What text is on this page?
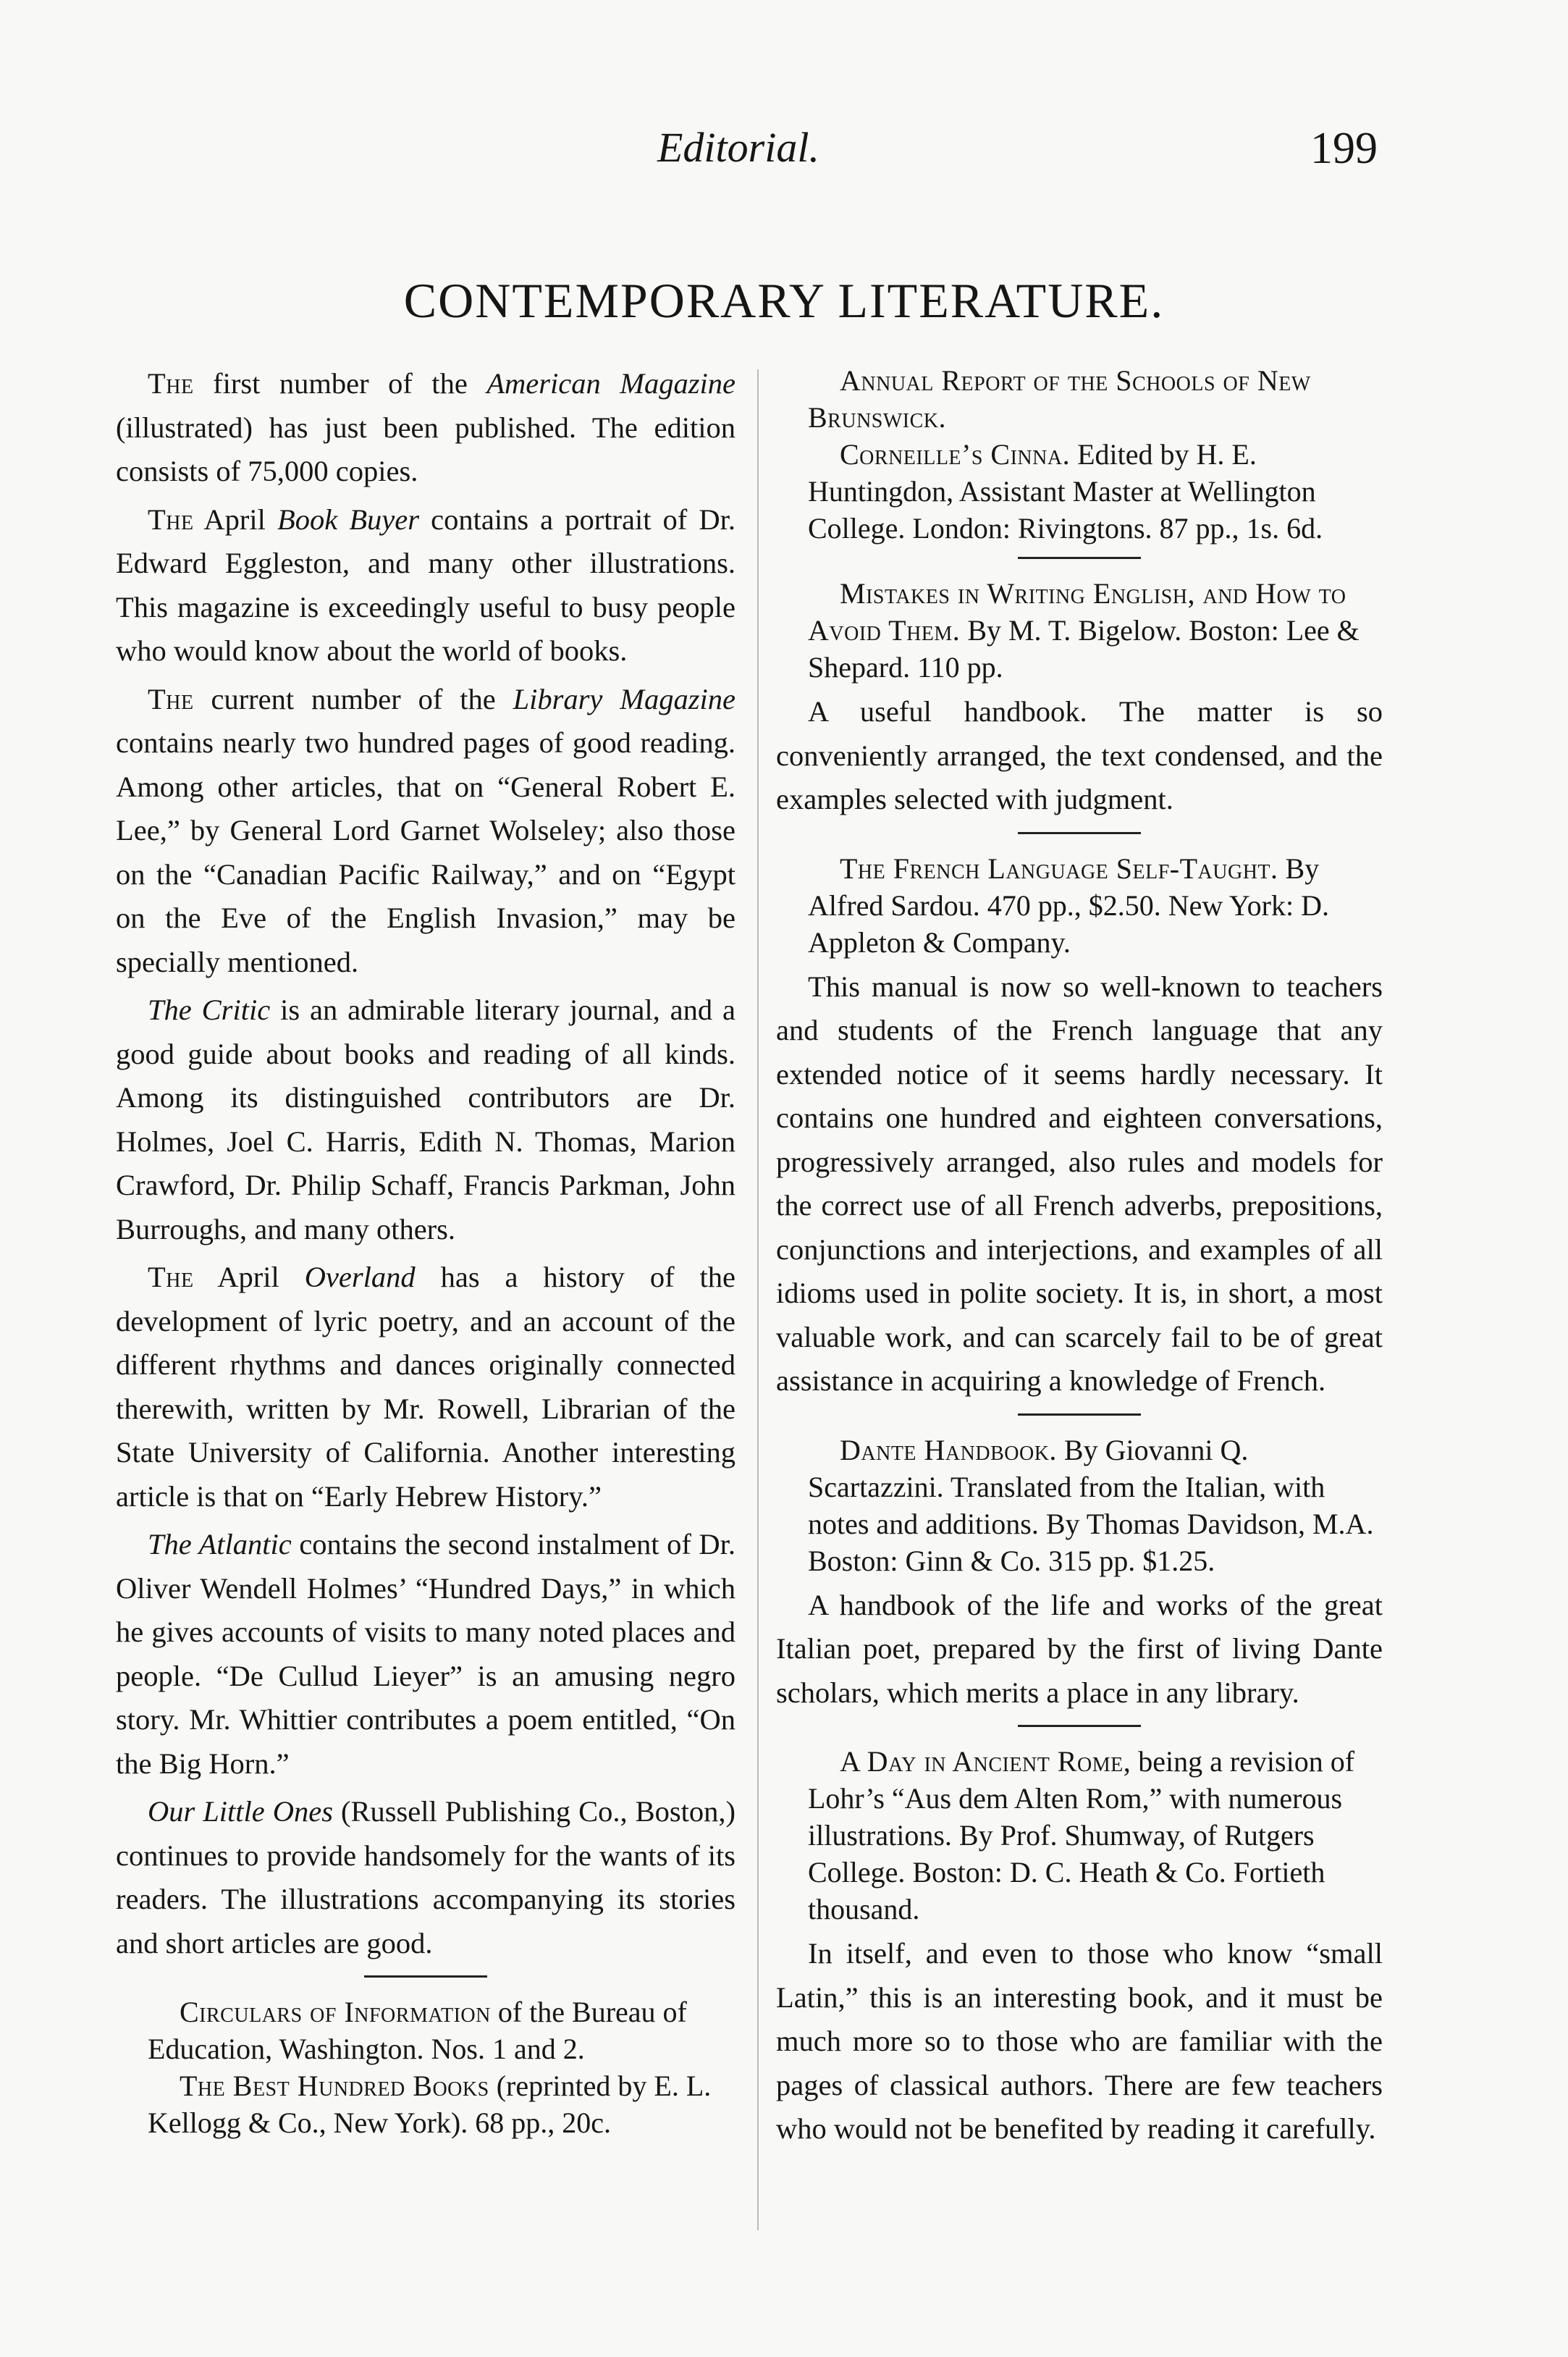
Editorial.	199
CONTEMPORARY LITERATURE.

The first number of the American Magazine (illustrated) has just been published. The edition consists of 75,000 copies.

The April Book Buyer contains a portrait of Dr. Edward Eggleston, and many other illustrations. This magazine is exceedingly useful to busy people who would know about the world of books.

The current number of the Library Magazine contains nearly two hundred pages of good reading. Among other articles, that on “General Robert E. Lee,” by General Lord Garnet Wolseley; also those on the “Canadian Pacific Railway,” and on “Egypt on the Eve of the English Invasion,” may be specially mentioned.

The Critic is an admirable literary journal, and a good guide about books and reading of all kinds. Among its distinguished contributors are Dr. Holmes, Joel C. Harris, Edith N. Thomas, Marion Crawford, Dr. Philip Schaff, Francis Parkman, John Burroughs, and many others.

The April Overland has a history of the development of lyric poetry, and an account of the different rhythms and dances originally connected therewith, written by Mr. Rowell, Librarian of the State University of California. Another interesting article is that on “Early Hebrew History.”

The Atlantic contains the second instalment of Dr. Oliver Wendell Holmes’ “Hundred Days,” in which he gives accounts of visits to many noted places and people. “De Cullud Lieyer” is an amusing negro story. Mr. Whittier contributes a poem entitled, “On the Big Horn.”

Our Little Ones (Russell Publishing Co., Boston,) continues to provide handsomely for the wants of its readers. The illustrations accompanying its stories and short articles are good.

Circulars of Information of the Bureau of Education, Washington. Nos. 1 and 2.

The Best Hundred Books (reprinted by E. L. Kellogg & Co., New York). 68 pp., 20c.

Annual Report of the Schools of New Brunswick.

Corneille’s Cinna. Edited by H. E. Huntingdon, Assistant Master at Wellington College. London: Rivingtons. 87 pp., 1s. 6d.

Mistakes in Writing English, and How to Avoid Them. By M. T. Bigelow. Boston: Lee & Shepard. 110 pp.

A useful handbook. The matter is so conveniently arranged, the text condensed, and the examples selected with judgment.

The French Language Self-Taught. By Alfred Sardou. 470 pp., $2.50. New York: D. Appleton & Company.

This manual is now so well-known to teachers and students of the French language that any extended notice of it seems hardly necessary. It contains one hundred and eighteen conversations, progressively arranged, also rules and models for the correct use of all French adverbs, prepositions, conjunctions and interjections, and examples of all idioms used in polite society. It is, in short, a most valuable work, and can scarcely fail to be of great assistance in acquiring a knowledge of French.

Dante Handbook. By Giovanni Q. Scartazzini. Translated from the Italian, with notes and additions. By Thomas Davidson, M.A. Boston: Ginn & Co. 315 pp. $1.25.

A handbook of the life and works of the great Italian poet, prepared by the first of living Dante scholars, which merits a place in any library.

A Day in Ancient Rome, being a revision of Lohr’s “Aus dem Alten Rom,” with numerous illustrations. By Prof. Shumway, of Rutgers College. Boston: D. C. Heath & Co. Fortieth thousand.

In itself, and even to those who know “small Latin,” this is an interesting book, and it must be much more so to those who are familiar with the pages of classical authors. There are few teachers who would not be benefited by reading it carefully.
